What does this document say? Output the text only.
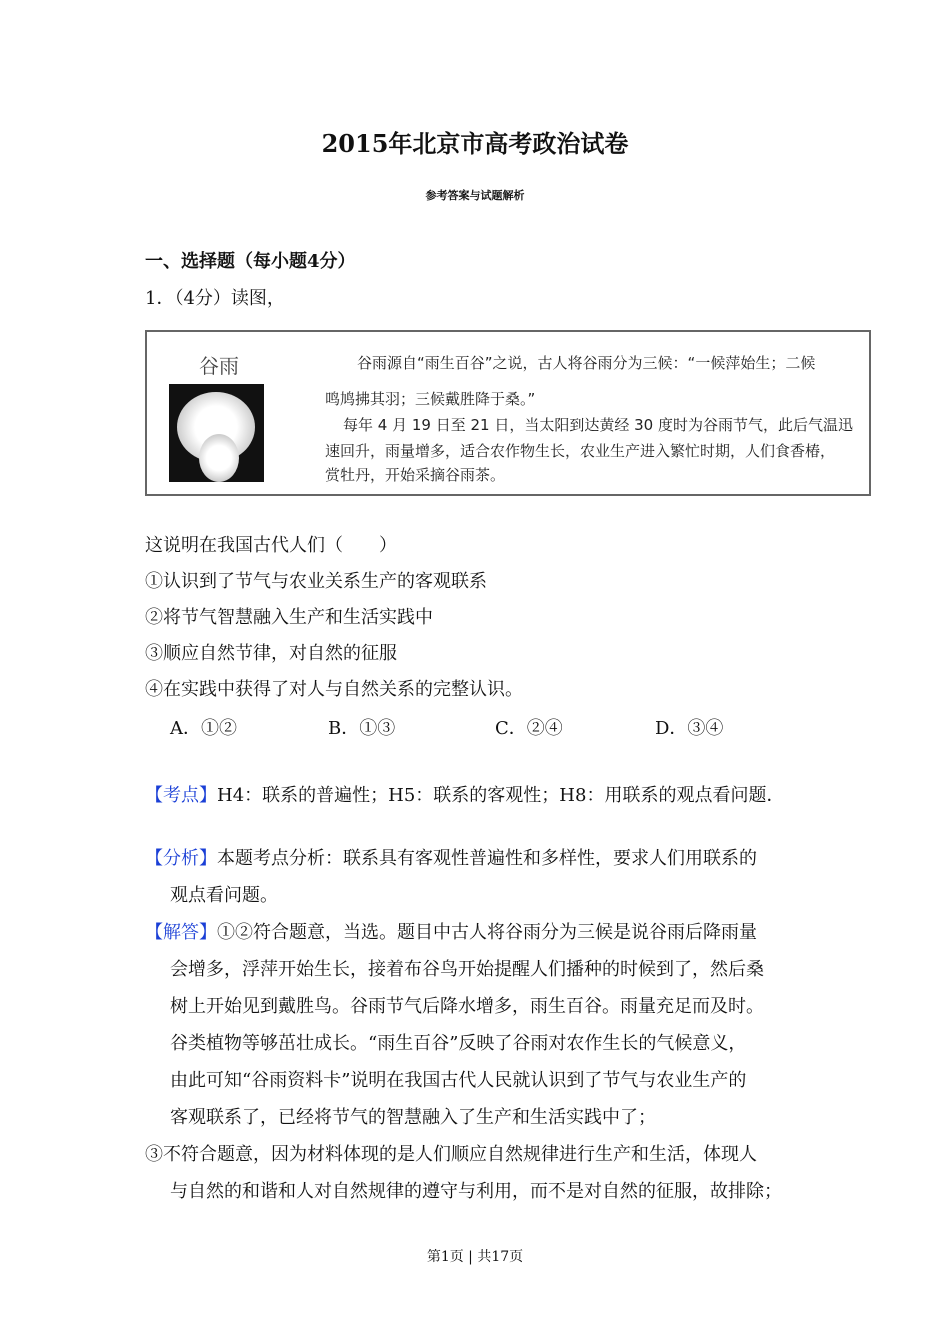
2015年北京市高考政治试卷
参考答案与试题解析
一、选择题（每小题4分）
1．（4分）读图，
谷雨	谷雨源自“雨生百谷”之说，古人将谷雨分为三候：“一候萍始生；二候
鸣鸠拂其羽；三候戴胜降于桑。”
每年 4 月 19 日至 21 日，当太阳到达黄经 30 度时为谷雨节气，此后气温迅
速回升，雨量增多，适合农作物生长，农业生产进入繁忙时期，人们食香椿，
赏牡丹，开始采摘谷雨茶。
这说明在我国古代人们（　　）
①认识到了节气与农业关系生产的客观联系
②将节气智慧融入生产和生活实践中
③顺应自然节律，对自然的征服
④在实践中获得了对人与自然关系的完整认识。
A．①②	B．①③	C．②④	D．③④
【考点】H4：联系的普遍性；H5：联系的客观性；H8：用联系的观点看问题．
【分析】本题考点分析：联系具有客观性普遍性和多样性，要求人们用联系的
观点看问题。
【解答】①②符合题意，当选。题目中古人将谷雨分为三候是说谷雨后降雨量
会增多，浮萍开始生长，接着布谷鸟开始提醒人们播种的时候到了，然后桑
树上开始见到戴胜鸟。谷雨节气后降水增多，雨生百谷。雨量充足而及时。
谷类植物等够茁壮成长。“雨生百谷”反映了谷雨对农作生长的气候意义，
由此可知“谷雨资料卡”说明在我国古代人民就认识到了节气与农业生产的
客观联系了，已经将节气的智慧融入了生产和生活实践中了；
③不符合题意，因为材料体现的是人们顺应自然规律进行生产和生活，体现人
与自然的和谐和人对自然规律的遵守与利用，而不是对自然的征服，故排除；
第1页 | 共17页
